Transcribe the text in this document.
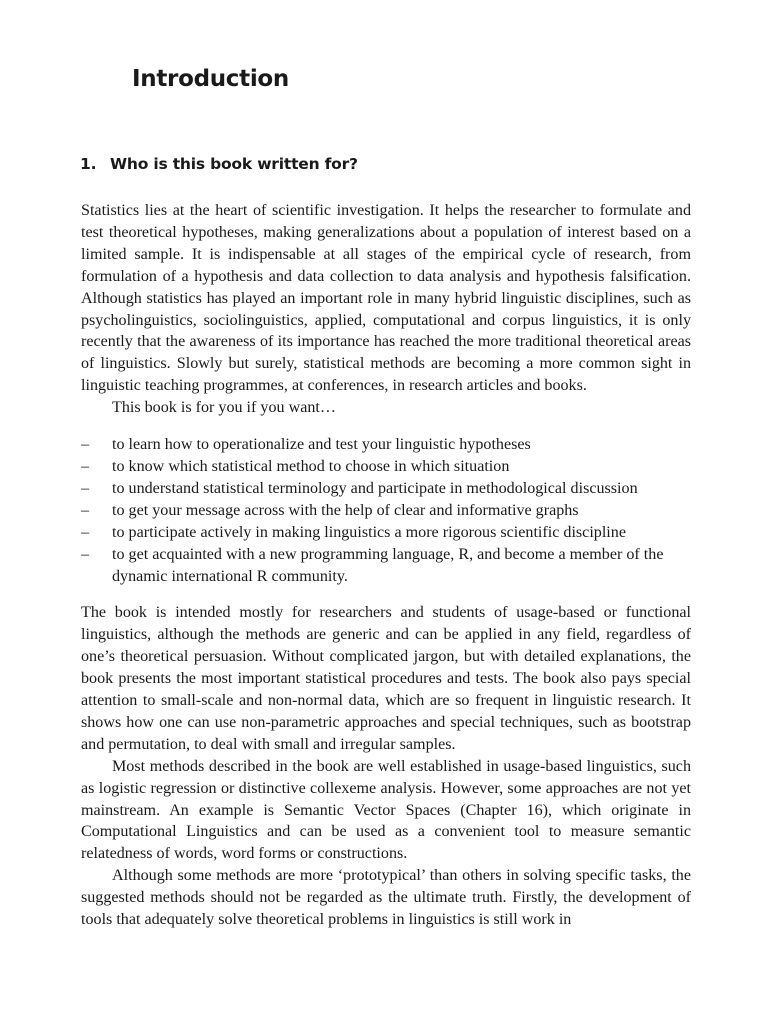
Introduction
1. Who is this book written for?

Statistics lies at the heart of scientific investigation. It helps the researcher to formulate and test theoretical hypotheses, making generalizations about a population of interest based on a limited sample. It is indispensable at all stages of the empirical cycle of research, from formulation of a hypothesis and data collection to data analysis and hypothesis falsification. Although statistics has played an important role in many hybrid linguistic disciplines, such as psycholinguistics, sociolinguistics, applied, computational and corpus linguistics, it is only recently that the awareness of its importance has reached the more traditional theoretical areas of linguistics. Slowly but surely, statistical methods are becoming a more common sight in linguistic teaching programmes, at conferences, in research articles and books.

This book is for you if you want…

– to learn how to operationalize and test your linguistic hypotheses
– to know which statistical method to choose in which situation
– to understand statistical terminology and participate in methodological discussion
– to get your message across with the help of clear and informative graphs
– to participate actively in making linguistics a more rigorous scientific discipline
– to get acquainted with a new programming language, R, and become a member of the dynamic international R community.

The book is intended mostly for researchers and students of usage-based or functional linguistics, although the methods are generic and can be applied in any field, regardless of one’s theoretical persuasion. Without complicated jargon, but with detailed explanations, the book presents the most important statistical procedures and tests. The book also pays special attention to small-scale and non-normal data, which are so frequent in linguistic research. It shows how one can use non-parametric approaches and special techniques, such as bootstrap and permutation, to deal with small and irregular samples.

Most methods described in the book are well established in usage-based linguistics, such as logistic regression or distinctive collexeme analysis. However, some approaches are not yet mainstream. An example is Semantic Vector Spaces (Chapter 16), which originate in Computational Linguistics and can be used as a convenient tool to measure semantic relatedness of words, word forms or constructions.

Although some methods are more ‘prototypical’ than others in solving specific tasks, the suggested methods should not be regarded as the ultimate truth. Firstly, the development of tools that adequately solve theoretical problems in linguistics is still work in
